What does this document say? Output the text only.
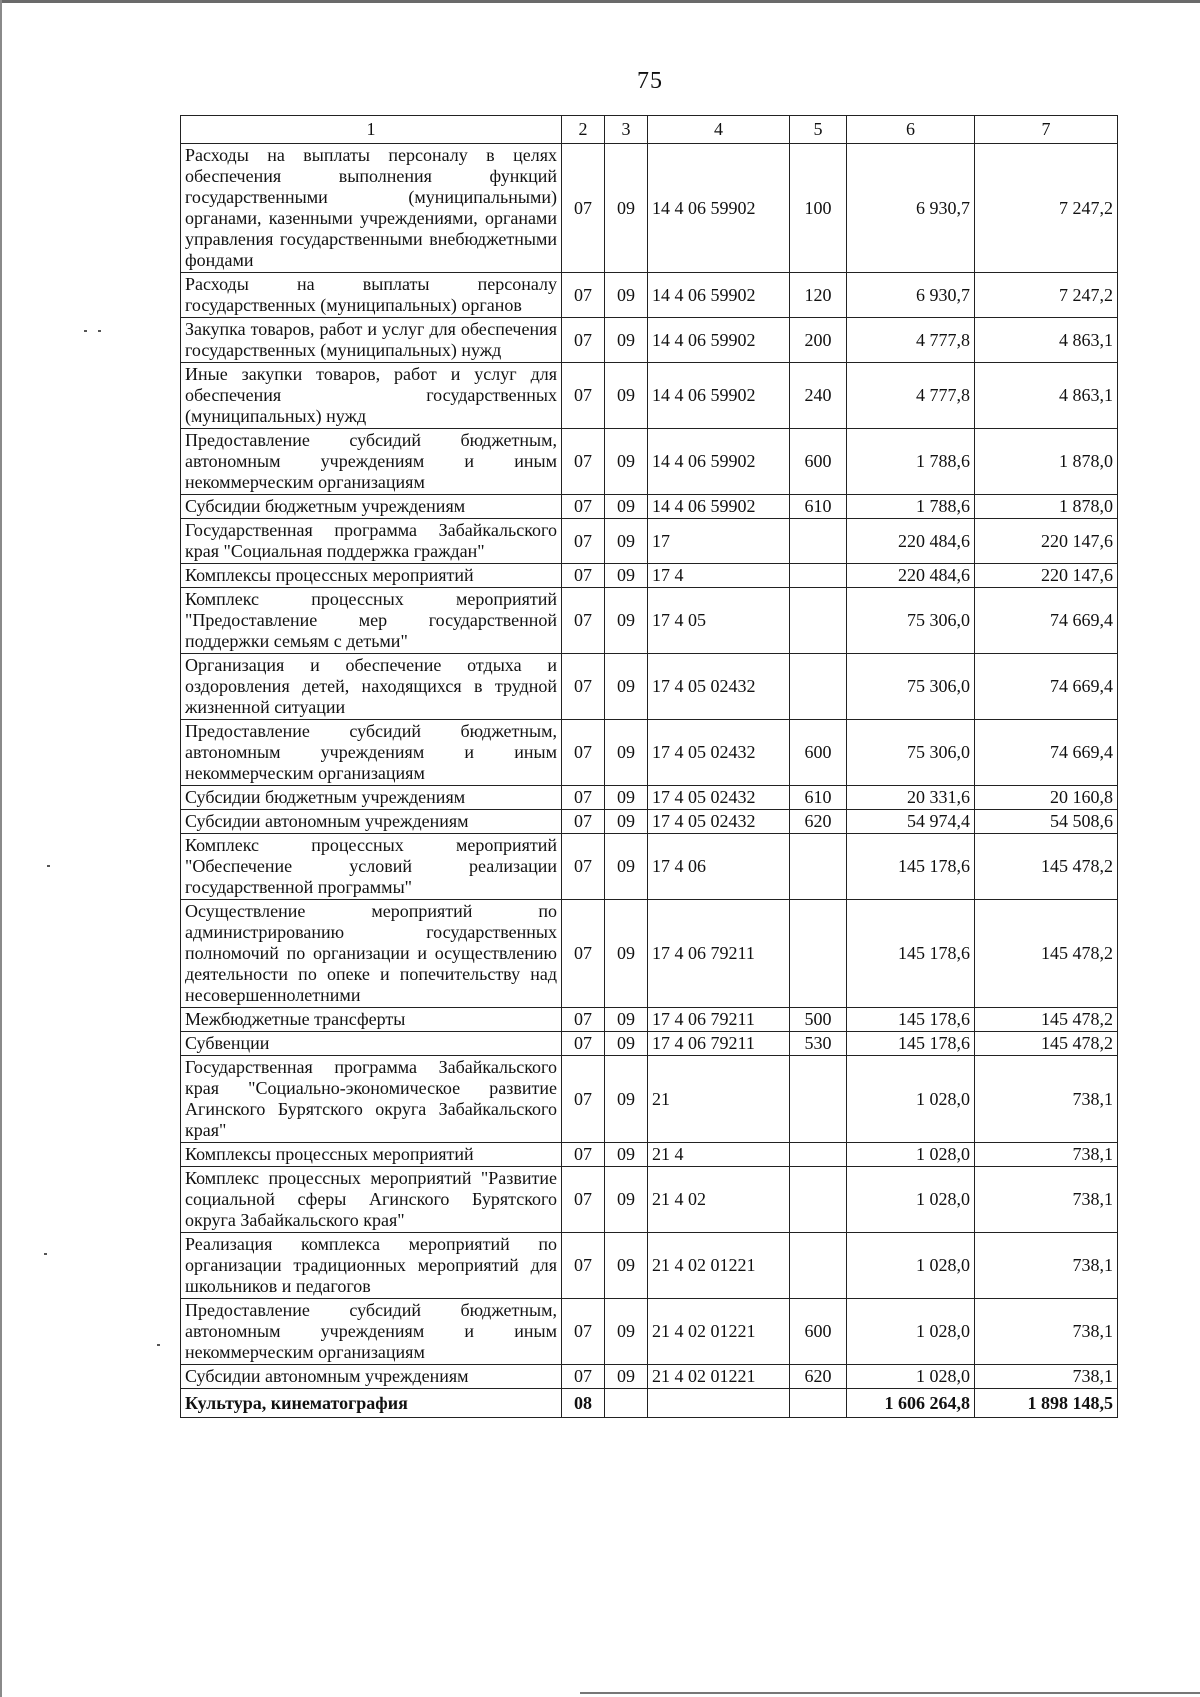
75
1	2	3	4	5	6	7
Расходы на выплаты персоналу в целях обеспечения выполнения функций государственными (муниципальными) органами, казенными учреждениями, органами управления государственными внебюджетными фондами	07	09	14 4 06 59902	100	6 930,7	7 247,2
Расходы на выплаты персоналу государственных (муниципальных) органов	07	09	14 4 06 59902	120	6 930,7	7 247,2
Закупка товаров, работ и услуг для обеспечения государственных (муниципальных) нужд	07	09	14 4 06 59902	200	4 777,8	4 863,1
Иные закупки товаров, работ и услуг для обеспечения государственных (муниципальных) нужд	07	09	14 4 06 59902	240	4 777,8	4 863,1
Предоставление субсидий бюджетным, автономным учреждениям и иным некоммерческим организациям	07	09	14 4 06 59902	600	1 788,6	1 878,0
Субсидии бюджетным учреждениям	07	09	14 4 06 59902	610	1 788,6	1 878,0
Государственная программа Забайкальского края "Социальная поддержка граждан"	07	09	17		220 484,6	220 147,6
Комплексы процессных мероприятий	07	09	17 4		220 484,6	220 147,6
Комплекс процессных мероприятий "Предоставление мер государственной поддержки семьям с детьми"	07	09	17 4 05		75 306,0	74 669,4
Организация и обеспечение отдыха и оздоровления детей, находящихся в трудной жизненной ситуации	07	09	17 4 05 02432		75 306,0	74 669,4
Предоставление субсидий бюджетным, автономным учреждениям и иным некоммерческим организациям	07	09	17 4 05 02432	600	75 306,0	74 669,4
Субсидии бюджетным учреждениям	07	09	17 4 05 02432	610	20 331,6	20 160,8
Субсидии автономным учреждениям	07	09	17 4 05 02432	620	54 974,4	54 508,6
Комплекс процессных мероприятий "Обеспечение условий реализации государственной программы"	07	09	17 4 06		145 178,6	145 478,2
Осуществление мероприятий по администрированию государственных полномочий по организации и осуществлению деятельности по опеке и попечительству над несовершеннолетними	07	09	17 4 06 79211		145 178,6	145 478,2
Межбюджетные трансферты	07	09	17 4 06 79211	500	145 178,6	145 478,2
Субвенции	07	09	17 4 06 79211	530	145 178,6	145 478,2
Государственная программа Забайкальского края "Социально-экономическое развитие Агинского Бурятского округа Забайкальского края"	07	09	21		1 028,0	738,1
Комплексы процессных мероприятий	07	09	21 4		1 028,0	738,1
Комплекс процессных мероприятий "Развитие социальной сферы Агинского Бурятского округа Забайкальского края"	07	09	21 4 02		1 028,0	738,1
Реализация комплекса мероприятий по организации традиционных мероприятий для школьников и педагогов	07	09	21 4 02 01221		1 028,0	738,1
Предоставление субсидий бюджетным, автономным учреждениям и иным некоммерческим организациям	07	09	21 4 02 01221	600	1 028,0	738,1
Субсидии автономным учреждениям	07	09	21 4 02 01221	620	1 028,0	738,1
Культура, кинематография	08				1 606 264,8	1 898 148,5
